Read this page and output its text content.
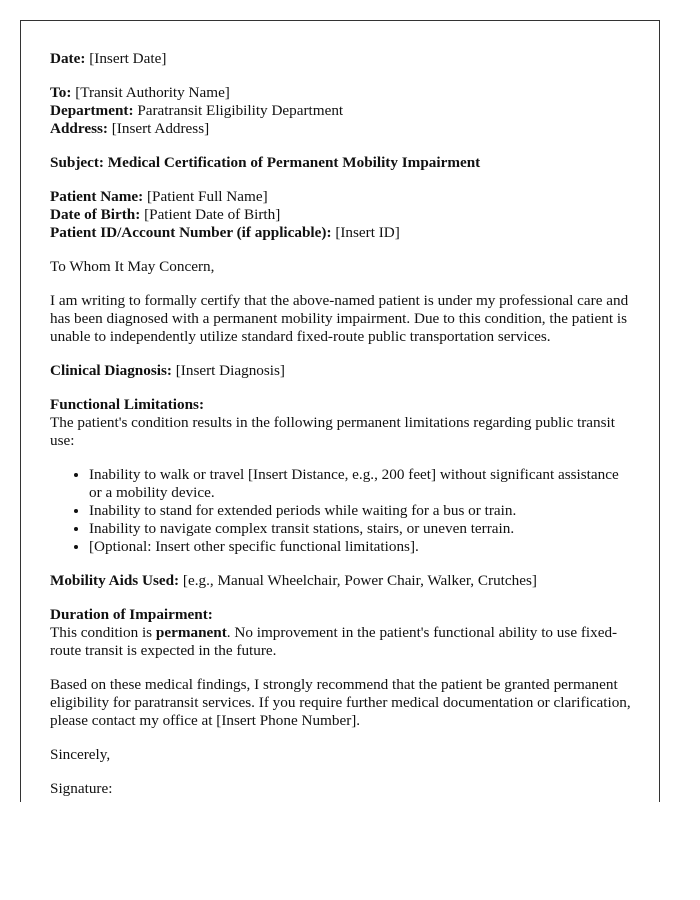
Date: [Insert Date]

To: [Transit Authority Name]
Department: Paratransit Eligibility Department
Address: [Insert Address]

Subject: Medical Certification of Permanent Mobility Impairment

Patient Name: [Patient Full Name]
Date of Birth: [Patient Date of Birth]
Patient ID/Account Number (if applicable): [Insert ID]

To Whom It May Concern,

I am writing to formally certify that the above-named patient is under my professional care and has been diagnosed with a permanent mobility impairment. Due to this condition, the patient is unable to independently utilize standard fixed-route public transportation services.

Clinical Diagnosis: [Insert Diagnosis]

Functional Limitations:
The patient's condition results in the following permanent limitations regarding public transit use:

• Inability to walk or travel [Insert Distance, e.g., 200 feet] without significant assistance or a mobility device.
• Inability to stand for extended periods while waiting for a bus or train.
• Inability to navigate complex transit stations, stairs, or uneven terrain.
• [Optional: Insert other specific functional limitations].

Mobility Aids Used: [e.g., Manual Wheelchair, Power Chair, Walker, Crutches]

Duration of Impairment:
This condition is permanent. No improvement in the patient's functional ability to use fixed-route transit is expected in the future.

Based on these medical findings, I strongly recommend that the patient be granted permanent eligibility for paratransit services. If you require further medical documentation or clarification, please contact my office at [Insert Phone Number].

Sincerely,

Signature:
